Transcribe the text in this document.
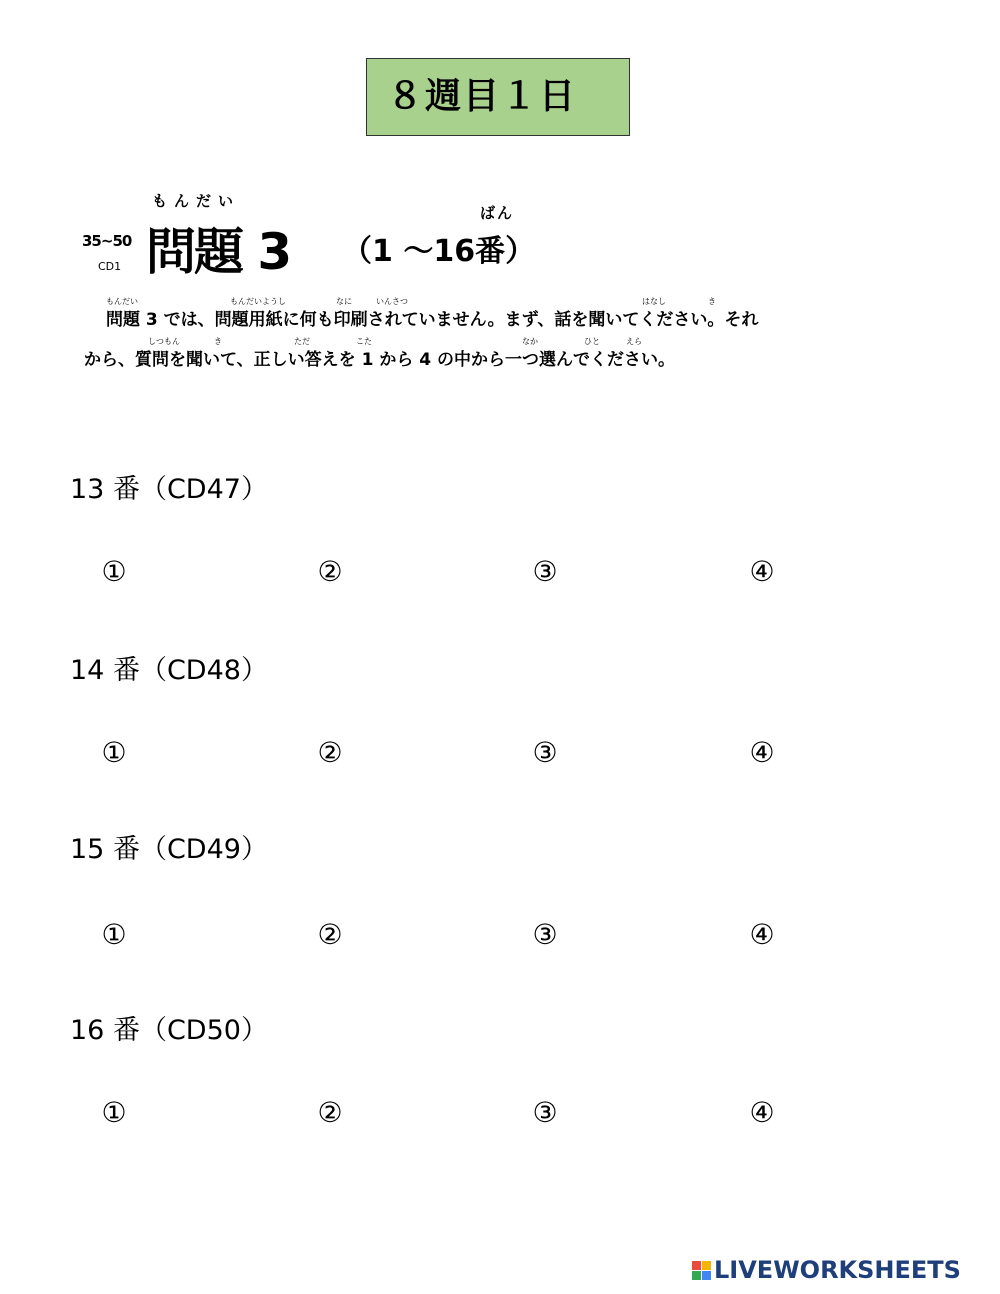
８週目１日
35~50
CD1
もんだい
問題 3
ばん
（1 ～16番）
問題 3 では、問題用紙に何も印刷されていません。まず、話を聞いてください。それ
から、質問を聞いて、正しい答えを 1 から 4 の中から一つ選んでください。
もんだい	もんだいようし	なに	いんさつ	はなし	き
しつもん	き	ただ	こた	なか	ひと	えら
13 番（CD47）
①	②	③	④
14 番（CD48）
①	②	③	④
15 番（CD49）
①	②	③	④
16 番（CD50）
①	②	③	④
LIVEWORKSHEETS
